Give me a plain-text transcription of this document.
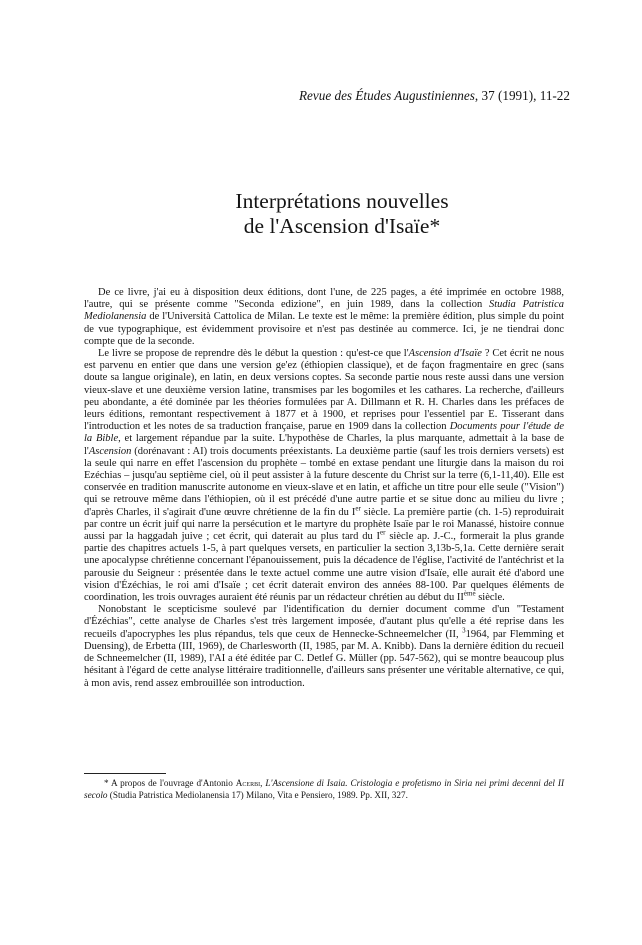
Revue des Études Augustiniennes, 37 (1991), 11-22
Interprétations nouvelles
de l'Ascension d'Isaïe*

De ce livre, j'ai eu à disposition deux éditions, dont l'une, de 225 pages, a été imprimée en octobre 1988, l'autre, qui se présente comme "Seconda edizione", en juin 1989, dans la collection Studia Patristica Mediolanensia de l'Università Cattolica de Milan. Le texte est le même: la première édition, plus simple du point de vue typographique, est évidemment provisoire et n'est pas destinée au commerce. Ici, je ne tiendrai donc compte que de la seconde.

Le livre se propose de reprendre dès le début la question : qu'est-ce que l'Ascension d'Isaïe ? Cet écrit ne nous est parvenu en entier que dans une version ge'ez (éthiopien classique), et de façon fragmentaire en grec (sans doute sa langue originale), en latin, en deux versions coptes. Sa seconde partie nous reste aussi dans une version vieux-slave et une deuxième version latine, transmises par les bogomiles et les cathares. La recherche, d'ailleurs peu abondante, a été dominée par les théories formulées par A. Dillmann et R. H. Charles dans les préfaces de leurs éditions, remontant respectivement à 1877 et à 1900, et reprises pour l'essentiel par E. Tisserant dans l'introduction et les notes de sa traduction française, parue en 1909 dans la collection Documents pour l'étude de la Bible, et largement répandue par la suite. L'hypothèse de Charles, la plus marquante, admettait à la base de l'Ascension (dorénavant : AI) trois documents préexistants. La deuxième partie (sauf les trois derniers versets) est la seule qui narre en effet l'ascension du prophète – tombé en extase pendant une liturgie dans la maison du roi Ezéchias – jusqu'au septième ciel, où il peut assister à la future descente du Christ sur la terre (6,1-11,40). Elle est conservée en tradition manuscrite autonome en vieux-slave et en latin, et affiche un titre pour elle seule ("Vision") qui se retrouve même dans l'éthiopien, où il est précédé d'une autre partie et se situe donc au milieu du livre ; d'après Charles, il s'agirait d'une œuvre chrétienne de la fin du Ier siècle. La première partie (ch. 1-5) reproduirait par contre un écrit juif qui narre la persécution et le martyre du prophète Isaïe par le roi Manassé, histoire connue aussi par la haggadah juive ; cet écrit, qui daterait au plus tard du Ier siècle ap. J.-C., formerait la plus grande partie des chapitres actuels 1-5, à part quelques versets, en particulier la section 3,13b-5,1a. Cette dernière serait une apocalypse chrétienne concernant l'épanouissement, puis la décadence de l'église, l'activité de l'antéchrist et la parousie du Seigneur : présentée dans le texte actuel comme une autre vision d'Isaïe, elle aurait été d'abord une vision d'Ézéchias, le roi ami d'Isaïe ; cet écrit daterait environ des années 88-100. Par quelques éléments de coordination, les trois ouvrages auraient été réunis par un rédacteur chrétien au début du IIème siècle.

Nonobstant le scepticisme soulevé par l'identification du dernier document comme d'un "Testament d'Ézéchias", cette analyse de Charles s'est très largement imposée, d'autant plus qu'elle a été reprise dans les recueils d'apocryphes les plus répandus, tels que ceux de Hennecke-Schneemelcher (II, $^3$1964, par Flemming et Duensing), de Erbetta (III, 1969), de Charlesworth (II, 1985, par M. A. Knibb). Dans la dernière édition du recueil de Schneemelcher (II, 1989), l'AI a été éditée par C. Detlef G. Müller (pp. 547-562), qui se montre beaucoup plus hésitant à l'égard de cette analyse littéraire traditionnelle, d'ailleurs sans présenter une véritable alternative, ce qui, à mon avis, rend assez embrouillée son introduction.

* A propos de l'ouvrage d'Antonio Acerbi, L'Ascensione di Isaia. Cristologia e profetismo in Siria nei primi decenni del II secolo (Studia Patristica Mediolanensia 17) Milano, Vita e Pensiero, 1989. Pp. XII, 327.
